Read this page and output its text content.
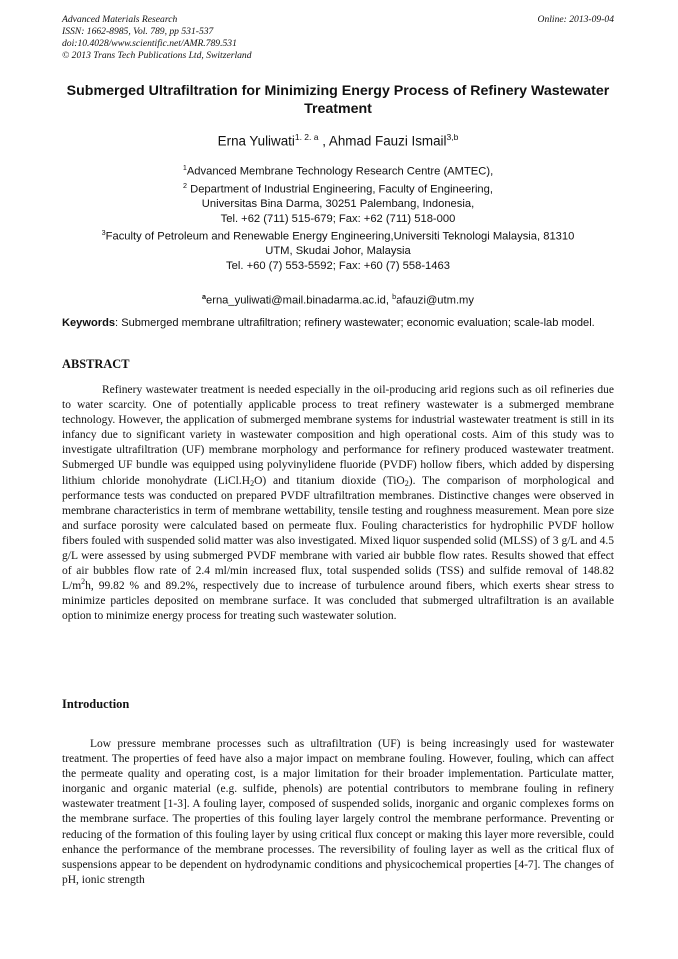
Advanced Materials Research
ISSN: 1662-8985, Vol. 789, pp 531-537
doi:10.4028/www.scientific.net/AMR.789.531
© 2013 Trans Tech Publications Ltd, Switzerland
Online: 2013-09-04
Submerged Ultrafiltration for Minimizing Energy Process of Refinery Wastewater Treatment
Erna Yuliwati$^{1. 2. a}$ , Ahmad Fauzi Ismail$^{3,b}$
$^1$Advanced Membrane Technology Research Centre (AMTEC),
$^2$ Department of Industrial Engineering, Faculty of Engineering,
Universitas Bina Darma, 30251 Palembang, Indonesia,
Tel. +62 (711) 515-679; Fax: +62 (711) 518-000
$^3$Faculty of Petroleum and Renewable Energy Engineering,Universiti Teknologi Malaysia, 81310
UTM, Skudai Johor, Malaysia
Tel. +60 (7) 553-5592; Fax: +60 (7) 558-1463
$^a$erna_yuliwati@mail.binadarma.ac.id, $^b$afauzi@utm.my
Keywords: Submerged membrane ultrafiltration; refinery wastewater; economic evaluation; scale-lab model.
ABSTRACT

Refinery wastewater treatment is needed especially in the oil-producing arid regions such as oil refineries due to water scarcity. One of potentially applicable process to treat refinery wastewater is a submerged membrane technology. However, the application of submerged membrane systems for industrial wastewater treatment is still in its infancy due to significant variety in wastewater composition and high operational costs. Aim of this study was to investigate ultrafiltration (UF) membrane morphology and performance for refinery produced wastewater treatment. Submerged UF bundle was equipped using polyvinylidene fluoride (PVDF) hollow fibers, which added by dispersing lithium chloride monohydrate $(LiCl.H_2O)$ and titanium dioxide (TiO$_2$). The comparison of morphological and performance tests was conducted on prepared PVDF ultrafiltration membranes. Distinctive changes were observed in membrane characteristics in term of membrane wettability, tensile testing and roughness measurement. Mean pore size and surface porosity were calculated based on permeate flux. Fouling characteristics for hydrophilic PVDF hollow fibers fouled with suspended solid matter was also investigated. Mixed liquor suspended solid (MLSS) of 3 g/L and 4.5 g/L were assessed by using submerged PVDF membrane with varied air bubble flow rates. Results showed that effect of air bubbles flow rate of 2.4 ml/min increased flux, total suspended solids (TSS) and sulfide removal of 148.82 $L/m^2h$, 99.82 % and 89.2%, respectively due to increase of turbulence around fibers, which exerts shear stress to minimize particles deposited on membrane surface. It was concluded that submerged ultrafiltration is an available option to minimize energy process for treating such wastewater solution.

Introduction

Low pressure membrane processes such as ultrafiltration (UF) is being increasingly used for wastewater treatment. The properties of feed have also a major impact on membrane fouling. However, fouling, which can affect the permeate quality and operating cost, is a major limitation for their broader implementation. Particulate matter, inorganic and organic material (e.g. sulfide, phenols) are potential contributors to membrane fouling in refinery wastewater treatment [1-3]. A fouling layer, composed of suspended solids, inorganic and organic complexes forms on the membrane surface. The properties of this fouling layer largely control the membrane performance. Preventing or reducing of the formation of this fouling layer by using critical flux concept or making this layer more reversible, could enhance the performance of the membrane processes. The reversibility of fouling layer as well as the critical flux of suspensions appear to be dependent on hydrodynamic conditions and physicochemical properties [4-7]. The changes of pH, ionic strength
